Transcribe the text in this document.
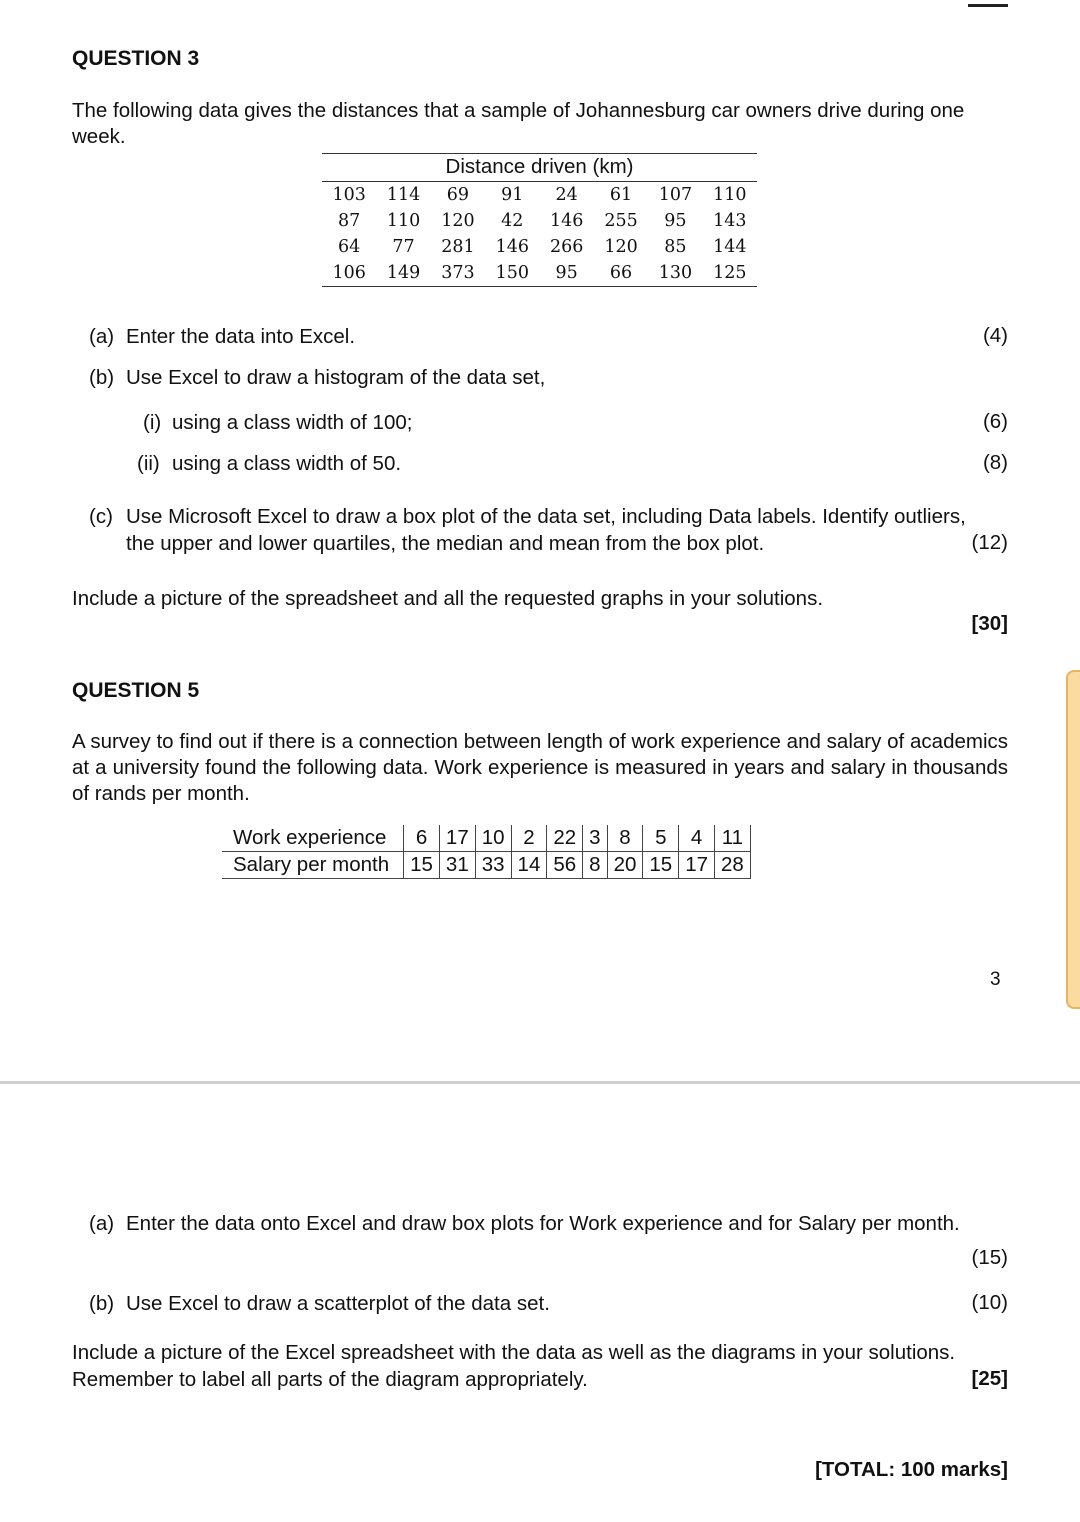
QUESTION 3
The following data gives the distances that a sample of Johannesburg car owners drive during one week.
Distance driven (km)
103	114	69	91	24	61	107	110
87	110	120	42	146	255	95	143
64	77	281	146	266	120	85	144
106	149	373	150	95	66	130	125
(a) Enter the data into Excel.	(4)
(b) Use Excel to draw a histogram of the data set,
(i) using a class width of 100;	(6)
(ii) using a class width of 50.	(8)
(c) Use Microsoft Excel to draw a box plot of the data set, including Data labels. Identify outliers,
the upper and lower quartiles, the median and mean from the box plot.	(12)
Include a picture of the spreadsheet and all the requested graphs in your solutions.
[30]
QUESTION 5
A survey to find out if there is a connection between length of work experience and salary of academics at a university found the following data. Work experience is measured in years and salary in thousands of rands per month.
Work experience	6	17	10	2	22	3	8	5	4	11
Salary per month	15	31	33	14	56	8	20	15	17	28
3
(a) Enter the data onto Excel and draw box plots for Work experience and for Salary per month.
(15)
(b) Use Excel to draw a scatterplot of the data set.	(10)
Include a picture of the Excel spreadsheet with the data as well as the diagrams in your solutions.
Remember to label all parts of the diagram appropriately.	[25]
[TOTAL: 100 marks]
